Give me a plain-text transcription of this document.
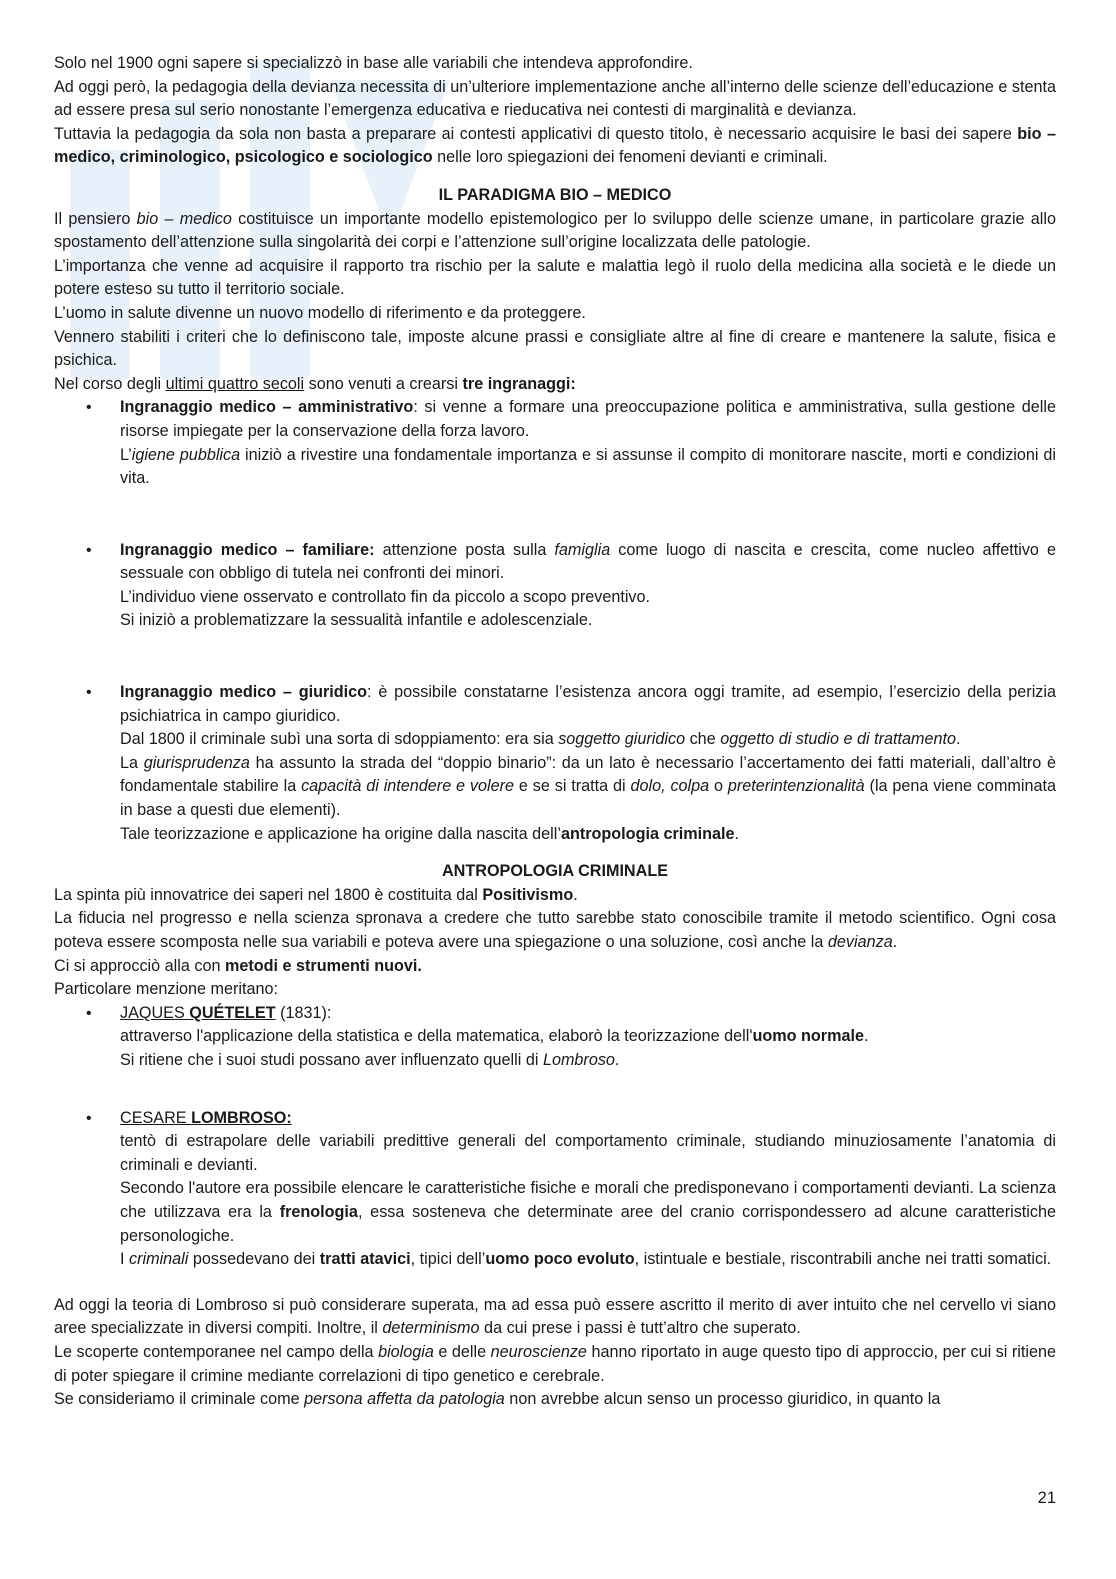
Solo nel 1900 ogni sapere si specializzò in base alle variabili che intendeva approfondire.

Ad oggi però, la pedagogia della devianza necessita di un’ulteriore implementazione anche all’interno delle scienze dell’educazione e stenta ad essere presa sul serio nonostante l’emergenza educativa e rieducativa nei contesti di marginalità e devianza.

Tuttavia la pedagogia da sola non basta a preparare ai contesti applicativi di questo titolo, è necessario acquisire le basi dei sapere bio – medico, criminologico, psicologico e sociologico nelle loro spiegazioni dei fenomeni devianti e criminali.

IL PARADIGMA BIO – MEDICO

Il pensiero bio – medico costituisce un importante modello epistemologico per lo sviluppo delle scienze umane, in particolare grazie allo spostamento dell’attenzione sulla singolarità dei corpi e l’attenzione sull’origine localizzata delle patologie.

L’importanza che venne ad acquisire il rapporto tra rischio per la salute e malattia legò il ruolo della medicina alla società e le diede un potere esteso su tutto il territorio sociale.

L’uomo in salute divenne un nuovo modello di riferimento e da proteggere.

Vennero stabiliti i criteri che lo definiscono tale, imposte alcune prassi e consigliate altre al fine di creare e mantenere la salute, fisica e psichica.

Nel corso degli ultimi quattro secoli sono venuti a crearsi tre ingranaggi:

• Ingranaggio medico – amministrativo: si venne a formare una preoccupazione politica e amministrativa, sulla gestione delle risorse impiegate per la conservazione della forza lavoro.

L’igiene pubblica iniziò a rivestire una fondamentale importanza e si assunse il compito di monitorare nascite, morti e condizioni di vita.

• Ingranaggio medico – familiare: attenzione posta sulla famiglia come luogo di nascita e crescita, come nucleo affettivo e sessuale con obbligo di tutela nei confronti dei minori.

L’individuo viene osservato e controllato fin da piccolo a scopo preventivo.

Si iniziò a problematizzare la sessualità infantile e adolescenziale.

• Ingranaggio medico – giuridico: è possibile constatarne l’esistenza ancora oggi tramite, ad esempio, l’esercizio della perizia psichiatrica in campo giuridico.

Dal 1800 il criminale subì una sorta di sdoppiamento: era sia soggetto giuridico che oggetto di studio e di trattamento.

La giurisprudenza ha assunto la strada del “doppio binario”: da un lato è necessario l’accertamento dei fatti materiali, dall’altro è fondamentale stabilire la capacità di intendere e volere e se si tratta di dolo, colpa o preterintenzionalità (la pena viene comminata in base a questi due elementi).

Tale teorizzazione e applicazione ha origine dalla nascita dell’antropologia criminale.

ANTROPOLOGIA CRIMINALE

La spinta più innovatrice dei saperi nel 1800 è costituita dal Positivismo.

La fiducia nel progresso e nella scienza spronava a credere che tutto sarebbe stato conoscibile tramite il metodo scientifico. Ogni cosa poteva essere scomposta nelle sua variabili e poteva avere una spiegazione o una soluzione, così anche la devianza.

Ci si approcciò alla con metodi e strumenti nuovi.

Particolare menzione meritano:

• JAQUES QUÉTELET (1831):

attraverso l'applicazione della statistica e della matematica, elaborò la teorizzazione dell'uomo normale.

Si ritiene che i suoi studi possano aver influenzato quelli di Lombroso.

• CESARE LOMBROSO:

tentò di estrapolare delle variabili predittive generali del comportamento criminale, studiando minuziosamente l’anatomia di criminali e devianti.

Secondo l'autore era possibile elencare le caratteristiche fisiche e morali che predisponevano i comportamenti devianti. La scienza che utilizzava era la frenologia, essa sosteneva che determinate aree del cranio corrispondessero ad alcune caratteristiche personologiche.

I criminali possedevano dei tratti atavici, tipici dell’uomo poco evoluto, istintuale e bestiale, riscontrabili anche nei tratti somatici.

Ad oggi la teoria di Lombroso si può considerare superata, ma ad essa può essere ascritto il merito di aver intuito che nel cervello vi siano aree specializzate in diversi compiti. Inoltre, il determinismo da cui prese i passi è tutt’altro che superato.

Le scoperte contemporanee nel campo della biologia e delle neuroscienze hanno riportato in auge questo tipo di approccio, per cui si ritiene di poter spiegare il crimine mediante correlazioni di tipo genetico e cerebrale.

Se consideriamo il criminale come persona affetta da patologia non avrebbe alcun senso un processo giuridico, in quanto la

21
